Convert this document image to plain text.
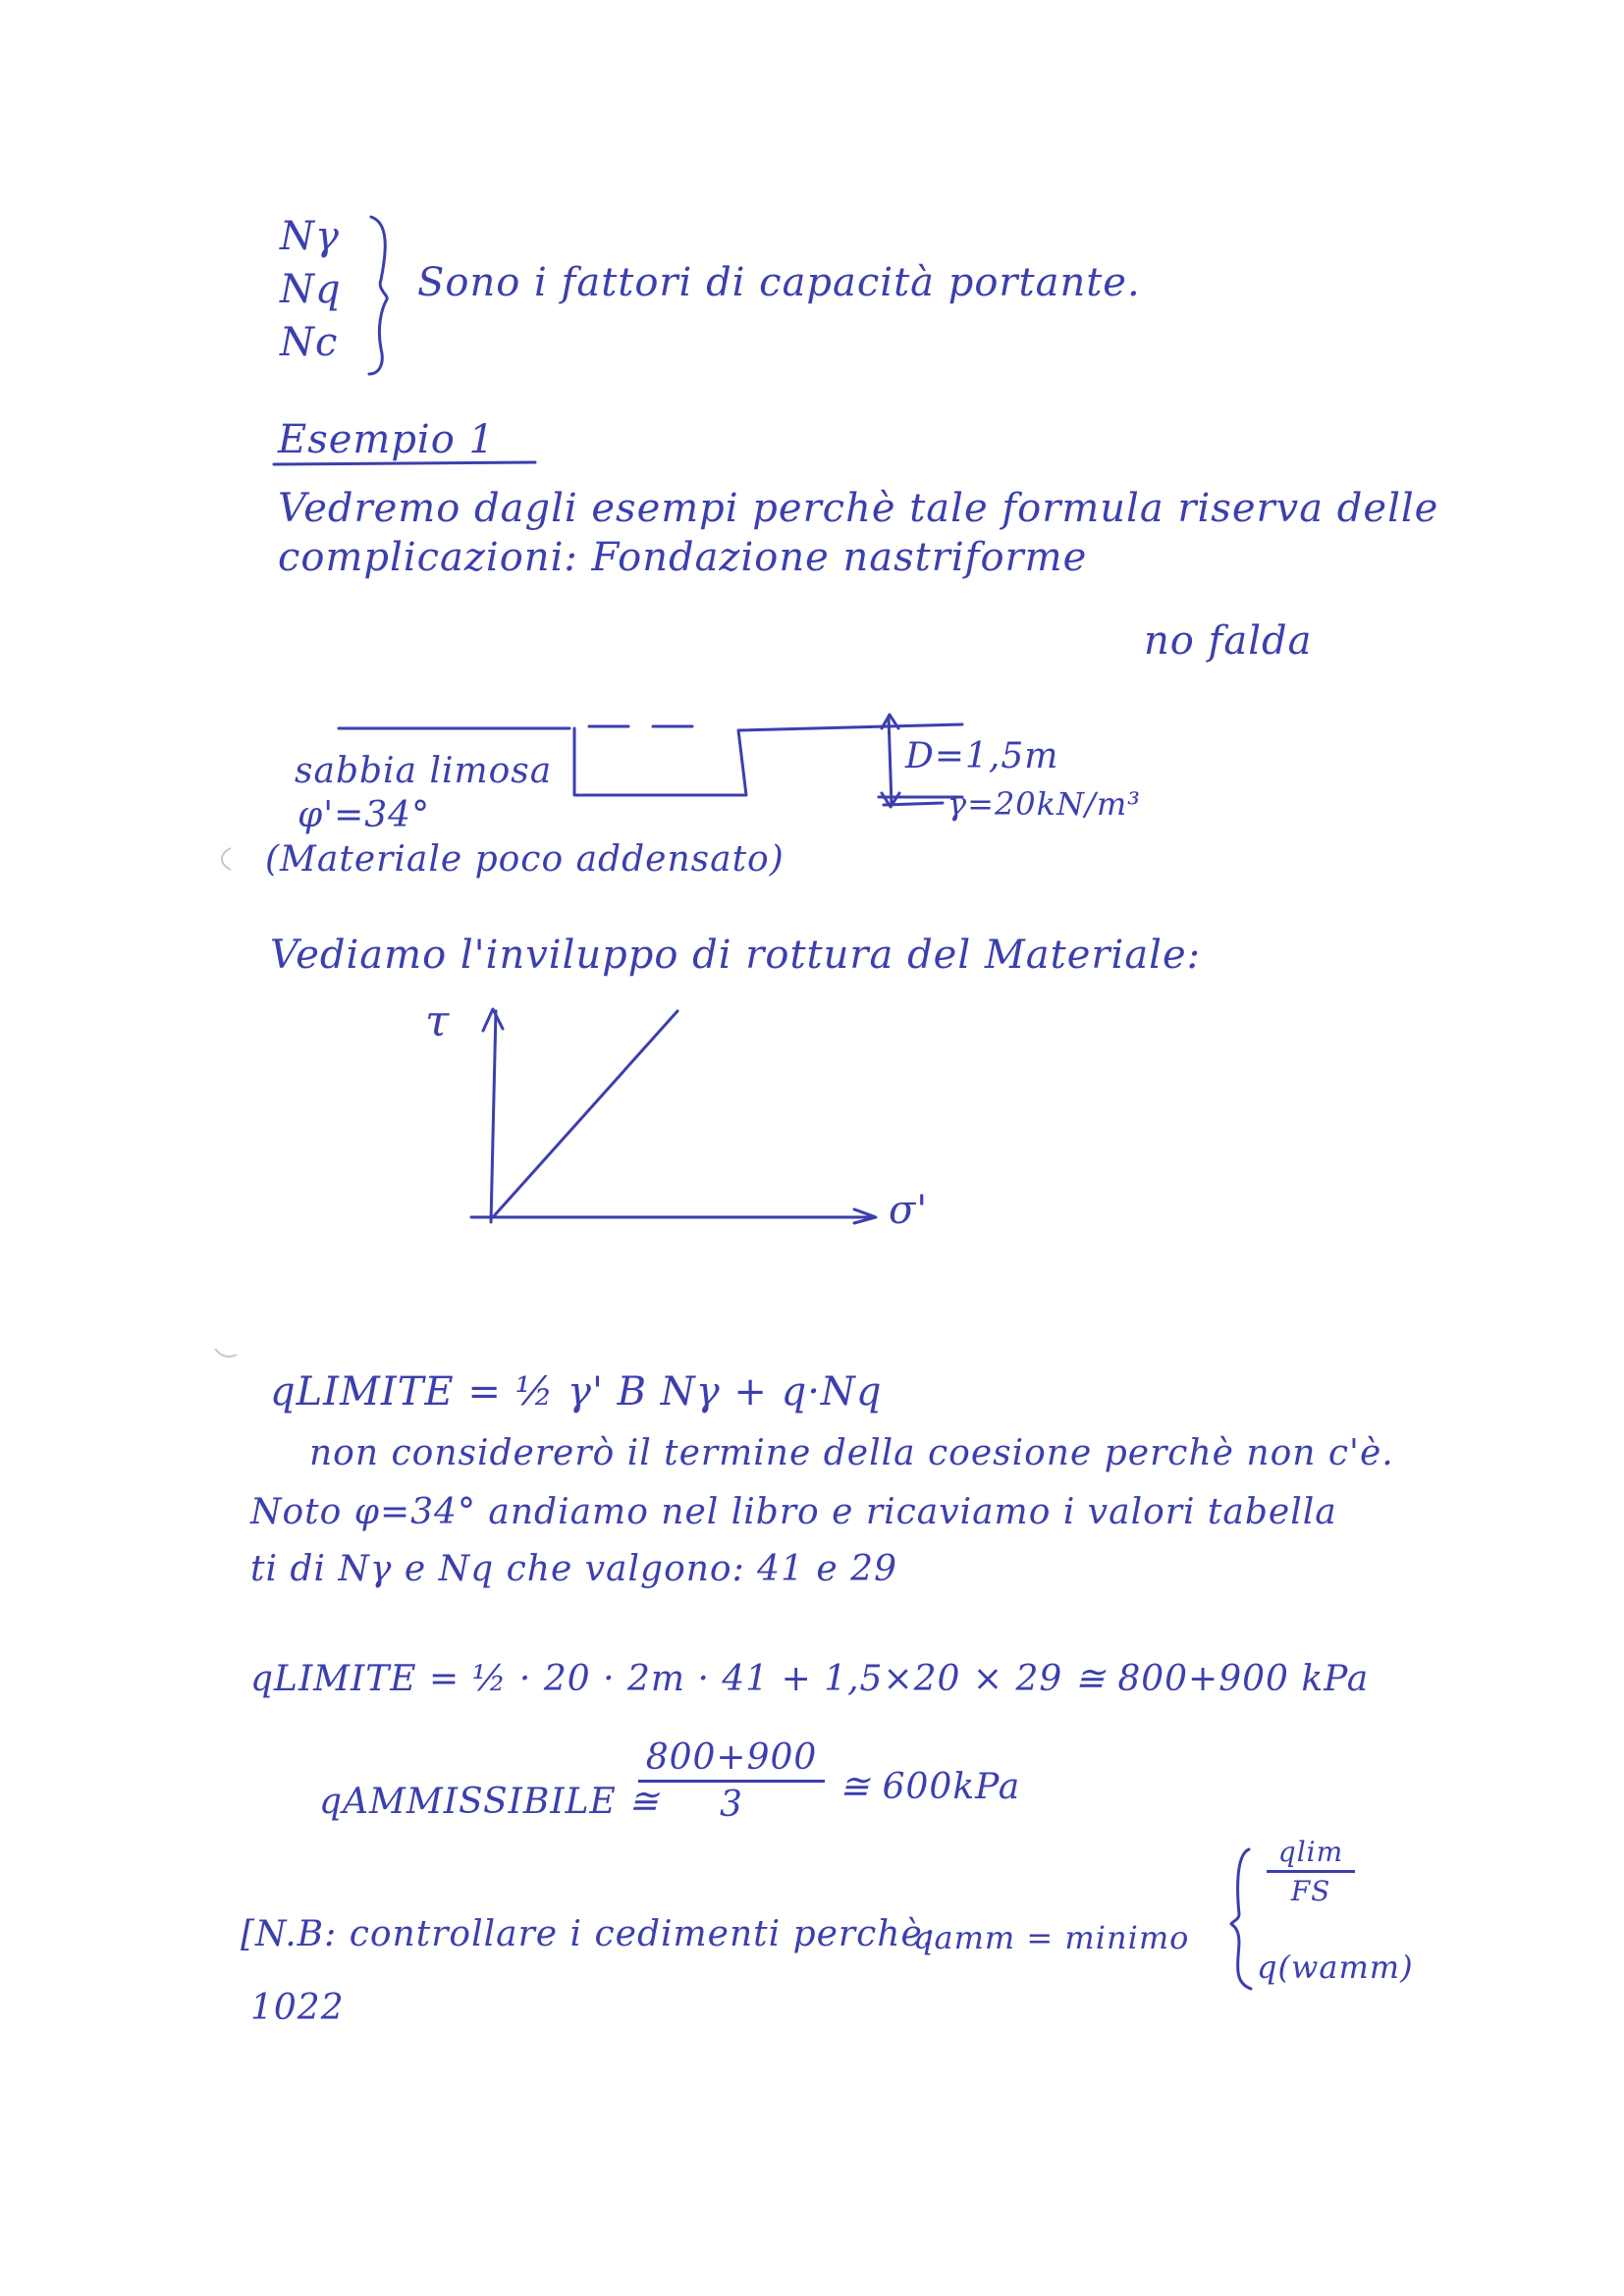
Nγ
Nq
Nc
Sono i fattori di capacità portante.
Esempio 1
Vedremo dagli esempi perchè tale formula riserva delle
complicazioni: Fondazione nastriforme
no falda
sabbia limosa
φ'=34°
(Materiale poco addensato)
D=1,5m
γ=20kN/m³
Vediamo l'inviluppo di rottura del Materiale:
τ
σ'
qLIMITE = ½ γ' B Nγ + q·Nq
non considererò il termine della coesione perchè non c'è.
Noto φ=34° andiamo nel libro e ricaviamo i valori tabella
ti di Nγ e Nq che valgono: 41 e 29
qLIMITE = ½ · 20 · 2m · 41 + 1,5×20 × 29 ≅ 800+900 kPa
qAMMISSIBILE ≅
800+900
3	≅ 600kPa
[N.B: controllare i cedimenti perchè:
qamm = minimo
qlim
FS
q(wamm)
1022
